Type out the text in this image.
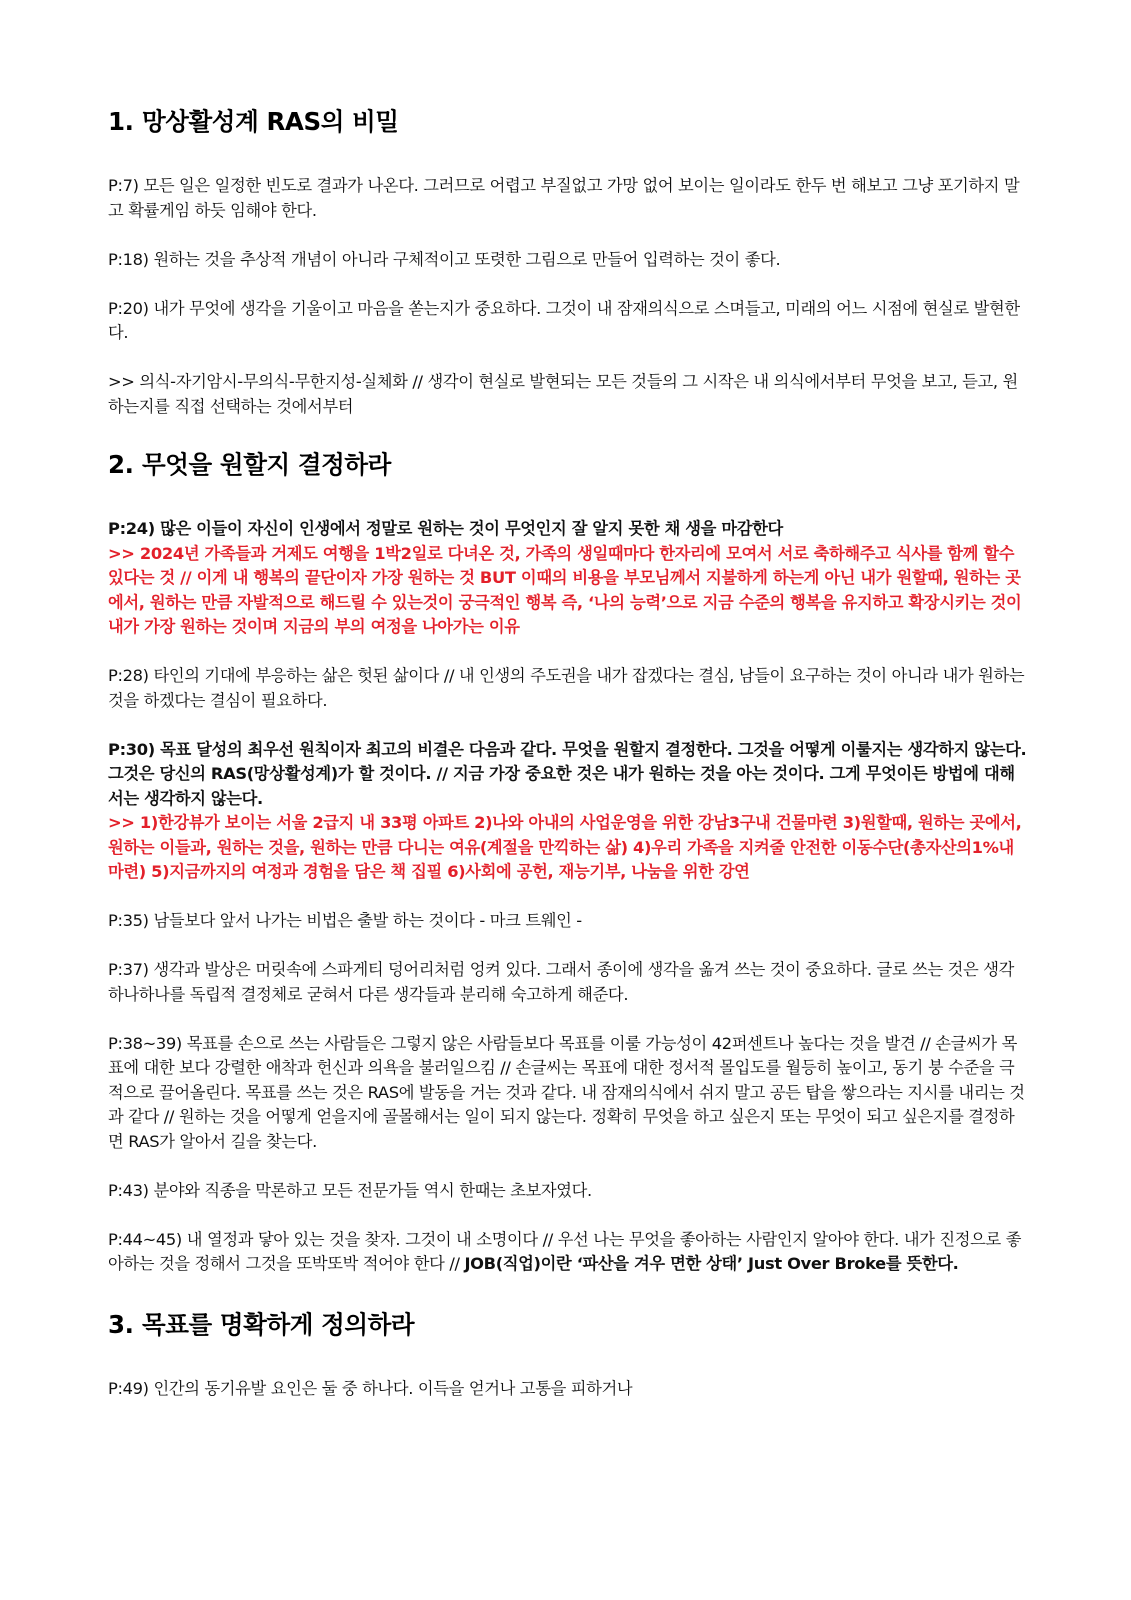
1. 망상활성계 RAS의 비밀

P:7) 모든 일은 일정한 빈도로 결과가 나온다. 그러므로 어렵고 부질없고 가망 없어 보이는 일이라도 한두 번 해보고 그냥 포기하지 말고 확률게임 하듯 임해야 한다.

P:18) 원하는 것을 추상적 개념이 아니라 구체적이고 또렷한 그림으로 만들어 입력하는 것이 좋다.

P:20) 내가 무엇에 생각을 기울이고 마음을 쏟는지가 중요하다. 그것이 내 잠재의식으로 스며들고, 미래의 어느 시점에 현실로 발현한다.

>> 의식-자기암시-무의식-무한지성-실체화 // 생각이 현실로 발현되는 모든 것들의 그 시작은 내 의식에서부터 무엇을 보고, 듣고, 원하는지를 직접 선택하는 것에서부터

2. 무엇을 원할지 결정하라

P:24) 많은 이들이 자신이 인생에서 정말로 원하는 것이 무엇인지 잘 알지 못한 채 생을 마감한다
>> 2024년 가족들과 거제도 여행을 1박2일로 다녀온 것, 가족의 생일때마다 한자리에 모여서 서로 축하해주고 식사를 함께 할수 있다는 것 // 이게 내 행복의 끝단이자 가장 원하는 것 BUT 이때의 비용을 부모님께서 지불하게 하는게 아닌 내가 원할때, 원하는 곳에서, 원하는 만큼 자발적으로 해드릴 수 있는것이 궁극적인 행복 즉, ‘나의 능력’으로 지금 수준의 행복을 유지하고 확장시키는 것이 내가 가장 원하는 것이며 지금의 부의 여정을 나아가는 이유

P:28) 타인의 기대에 부응하는 삶은 헛된 삶이다 // 내 인생의 주도권을 내가 잡겠다는 결심, 남들이 요구하는 것이 아니라 내가 원하는 것을 하겠다는 결심이 필요하다.

P:30) 목표 달성의 최우선 원칙이자 최고의 비결은 다음과 같다. 무엇을 원할지 결정한다. 그것을 어떻게 이룰지는 생각하지 않는다. 그것은 당신의 RAS(망상활성계)가 할 것이다. // 지금 가장 중요한 것은 내가 원하는 것을 아는 것이다. 그게 무엇이든 방법에 대해서는 생각하지 않는다.
>> 1)한강뷰가 보이는 서울 2급지 내 33평 아파트 2)나와 아내의 사업운영을 위한 강남3구내 건물마련 3)원할때, 원하는 곳에서, 원하는 이들과, 원하는 것을, 원하는 만큼 다니는 여유(계절을 만끽하는 삶) 4)우리 가족을 지켜줄 안전한 이동수단(총자산의1%내 마련) 5)지금까지의 여정과 경험을 담은 책 집필 6)사회에 공헌, 재능기부, 나눔을 위한 강연

P:35) 남들보다 앞서 나가는 비법은 출발 하는 것이다 - 마크 트웨인 -

P:37) 생각과 발상은 머릿속에 스파게티 덩어리처럼 엉켜 있다. 그래서 종이에 생각을 옮겨 쓰는 것이 중요하다. 글로 쓰는 것은 생각 하나하나를 독립적 결정체로 굳혀서 다른 생각들과 분리해 숙고하게 해준다.

P:38~39) 목표를 손으로 쓰는 사람들은 그렇지 않은 사람들보다 목표를 이룰 가능성이 42퍼센트나 높다는 것을 발견 // 손글씨가 목표에 대한 보다 강렬한 애착과 헌신과 의욕을 불러일으킴 // 손글씨는 목표에 대한 정서적 몰입도를 월등히 높이고, 동기 붕 수준을 극적으로 끌어올린다. 목표를 쓰는 것은 RAS에 발동을 거는 것과 같다. 내 잠재의식에서 쉬지 말고 공든 탑을 쌓으라는 지시를 내리는 것과 같다 // 원하는 것을 어떻게 얻을지에 골몰해서는 일이 되지 않는다. 정확히 무엇을 하고 싶은지 또는 무엇이 되고 싶은지를 결정하면 RAS가 알아서 길을 찾는다.

P:43) 분야와 직종을 막론하고 모든 전문가들 역시 한때는 초보자였다.

P:44~45) 내 열정과 닿아 있는 것을 찾자. 그것이 내 소명이다 // 우선 나는 무엇을 좋아하는 사람인지 알아야 한다. 내가 진정으로 좋아하는 것을 정해서 그것을 또박또박 적어야 한다 // JOB(직업)이란 ‘파산을 겨우 면한 상태’ Just Over Broke를 뜻한다.

3. 목표를 명확하게 정의하라

P:49) 인간의 동기유발 요인은 둘 중 하나다. 이득을 얻거나 고통을 피하거나
